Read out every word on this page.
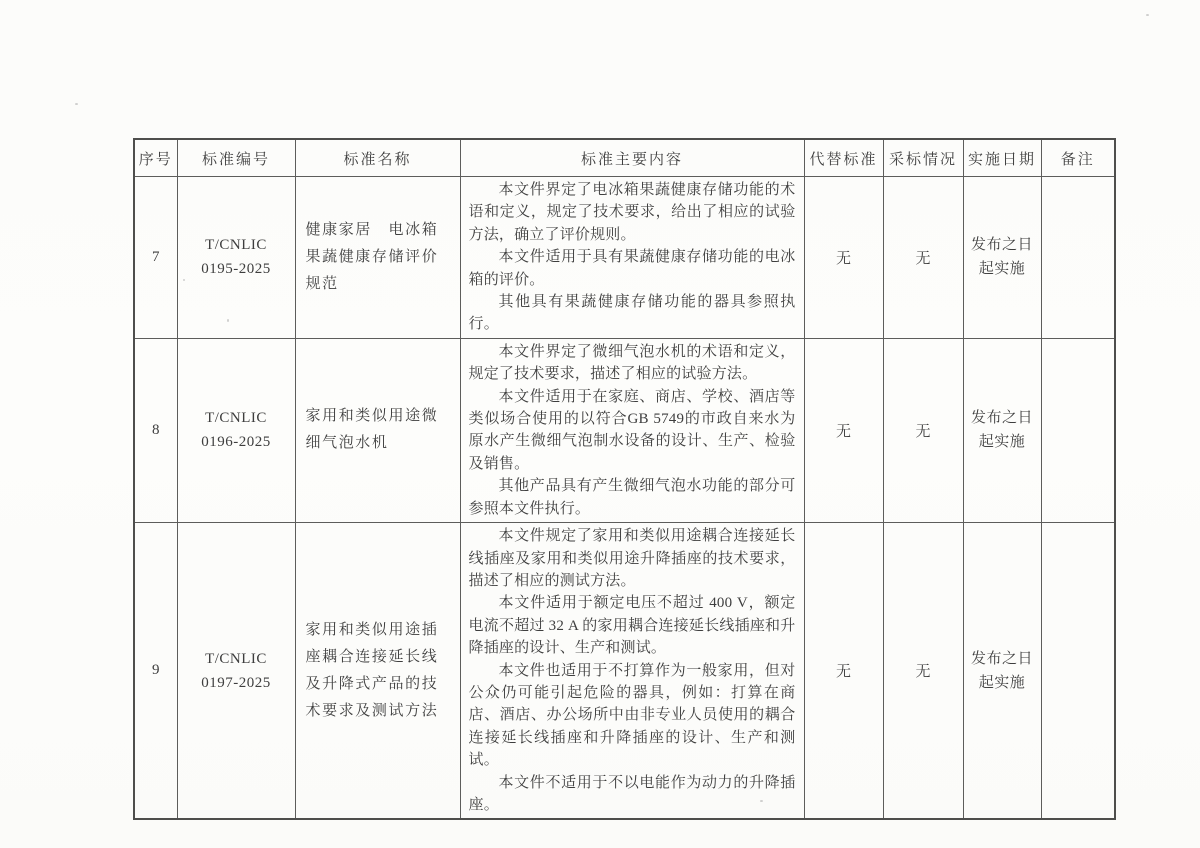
序号	标准编号	标准名称	标准主要内容	代替标准	采标情况	实施日期	备注
7	T/CNLIC 0195-2025	健康家居　电冰箱果蔬健康存储评价规范	本文件界定了电冰箱果蔬健康存储功能的术语和定义，规定了技术要求，给出了相应的试验方法，确立了评价规则。

本文件适用于具有果蔬健康存储功能的电冰箱的评价。

其他具有果蔬健康存储功能的器具参照执行。	无	无	发布之日起实施	
8	T/CNLIC 0196-2025	家用和类似用途微细气泡水机	本文件界定了微细气泡水机的术语和定义，规定了技术要求，描述了相应的试验方法。

本文件适用于在家庭、商店、学校、酒店等类似场合使用的以符合GB 5749的市政自来水为原水产生微细气泡制水设备的设计、生产、检验及销售。

其他产品具有产生微细气泡水功能的部分可参照本文件执行。	无	无	发布之日起实施	
9	T/CNLIC 0197-2025	家用和类似用途插座耦合连接延长线及升降式产品的技术要求及测试方法	本文件规定了家用和类似用途耦合连接延长线插座及家用和类似用途升降插座的技术要求，描述了相应的测试方法。

本文件适用于额定电压不超过 400 V，额定电流不超过 32 A 的家用耦合连接延长线插座和升降插座的设计、生产和测试。

本文件也适用于不打算作为一般家用，但对公众仍可能引起危险的器具，例如：打算在商店、酒店、办公场所中由非专业人员使用的耦合连接延长线插座和升降插座的设计、生产和测试。

本文件不适用于不以电能作为动力的升降插座。	无	无	发布之日起实施	
